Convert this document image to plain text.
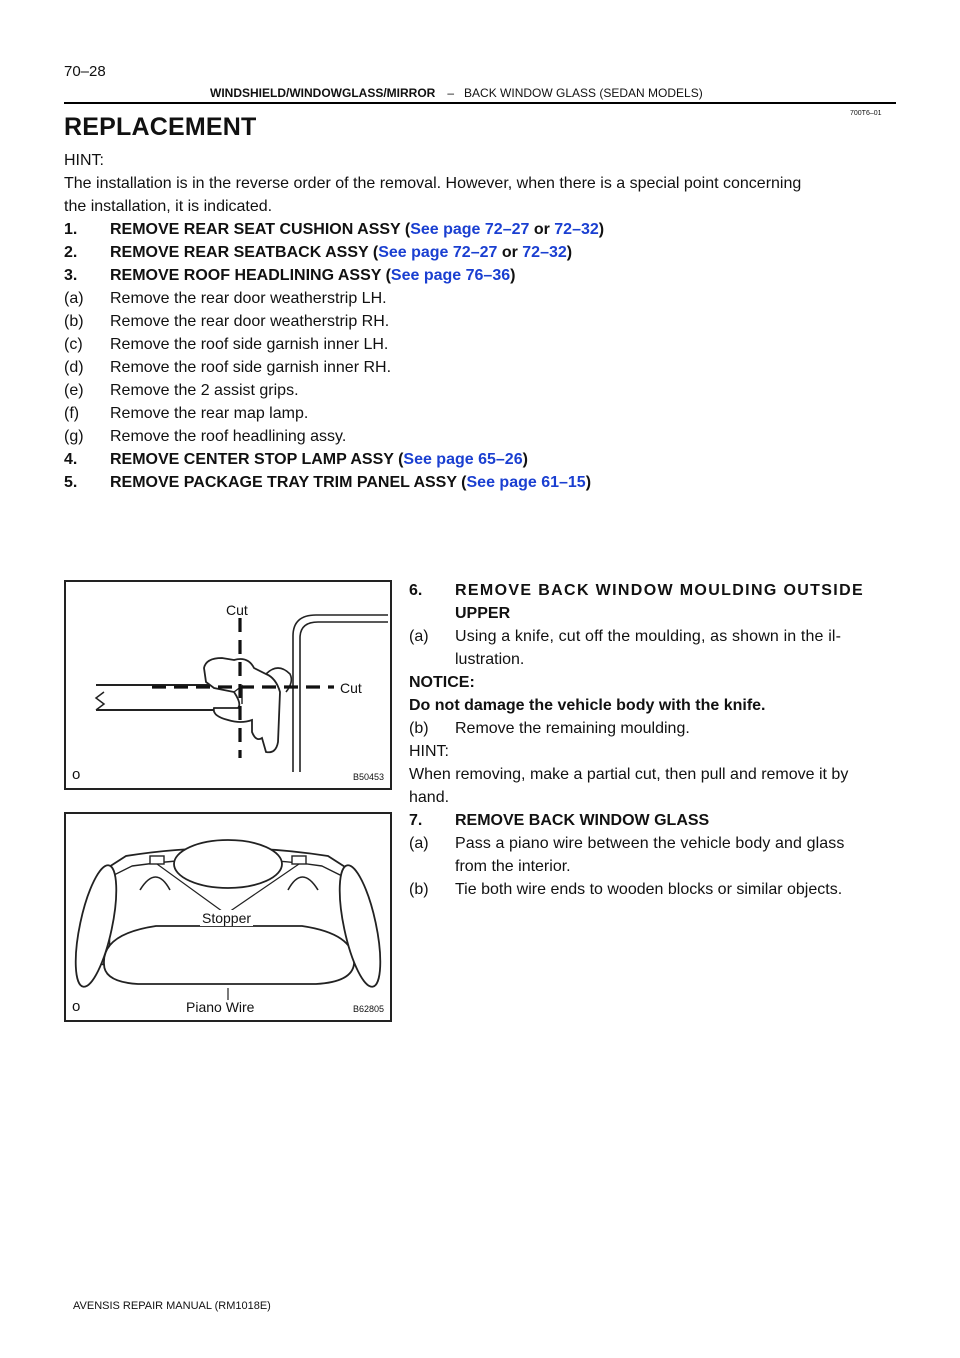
70–28
WINDSHIELD/WINDOWGLASS/MIRROR – BACK WINDOW GLASS (SEDAN MODELS)
700T6–01
REPLACEMENT
HINT:
The installation is in the reverse order of the removal. However, when there is a special point concerning
the installation, it is indicated.
1. REMOVE REAR SEAT CUSHION ASSY (See page 72–27 or 72–32)
2. REMOVE REAR SEATBACK ASSY (See page 72–27 or 72–32)
3. REMOVE ROOF HEADLINING ASSY (See page 76–36)
(a) Remove the rear door weatherstrip LH.
(b) Remove the rear door weatherstrip RH.
(c) Remove the roof side garnish inner LH.
(d) Remove the roof side garnish inner RH.
(e) Remove the 2 assist grips.
(f) Remove the rear map lamp.
(g) Remove the roof headlining assy.
4. REMOVE CENTER STOP LAMP ASSY (See page 65–26)
5. REMOVE PACKAGE TRAY TRIM PANEL ASSY (See page 61–15)
Cut
Cut
o	B50453
Stopper
Piano Wire
o	B62805
6. REMOVE BACK WINDOW MOULDING OUTSIDE
UPPER
(a) Using a knife, cut off the moulding, as shown in the il-
lustration.
NOTICE:
Do not damage the vehicle body with the knife.
(b) Remove the remaining moulding.
HINT:
When removing, make a partial cut, then pull and remove it by
hand.
7. REMOVE BACK WINDOW GLASS
(a) Pass a piano wire between the vehicle body and glass
from the interior.
(b) Tie both wire ends to wooden blocks or similar objects.
AVENSIS REPAIR MANUAL (RM1018E)
